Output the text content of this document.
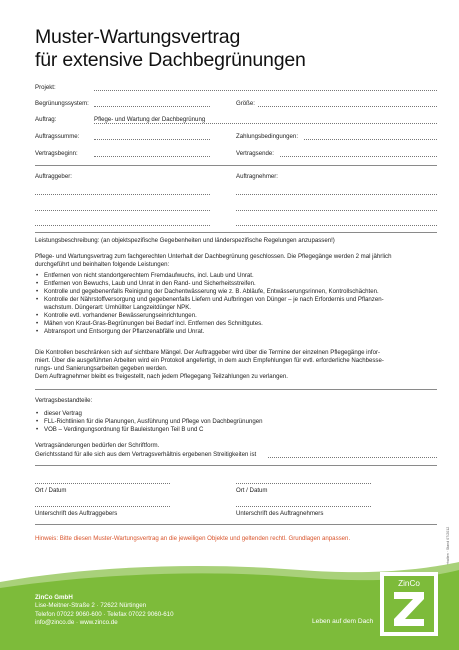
Muster-Wartungsvertrag
für extensive Dachbegrünungen
Projekt:
Begrünungssystem:	Größe:
Auftrag:	Pflege- und Wartung der Dachbegrünung
Auftragssumme:	Zahlungsbedingungen:
Vertragsbeginn:	Vertragsende:
Auftraggeber:	Auftragnehmer:
Leistungsbeschreibung: (an objektspezifische Gegebenheiten und länderspezifische Regelungen anzupassen!)
Pflege- und Wartungsvertrag zum fachgerechten Unterhalt der Dachbegrünung geschlossen. Die Pflegegänge werden 2 mal jährlich
durchgeführt und beinhalten folgende Leistungen:
• Entfernen von nicht standortgerechtem Fremdaufwuchs, incl. Laub und Unrat.
• Entfernen von Bewuchs, Laub und Unrat in den Rand- und Sicherheitsstreifen.
• Kontrolle und gegebenenfalls Reinigung der Dachentwässerung wie z. B. Abläufe, Entwässerungsrinnen, Kontrollschächten.
• Kontrolle der Nährstoffversorgung und gegebenenfalls Liefern und Aufbringen von Dünger – je nach Erfordernis und Pflanzen-
wachstum. Düngerart: Umhüllter Langzeitdünger NPK.
• Kontrolle evtl. vorhandener Bewässerungseinrichtungen.
• Mähen von Kraut-Gras-Begrünungen bei Bedarf incl. Entfernen des Schnittgutes.
• Abtransport und Entsorgung der Pflanzenabfälle und Unrat.
Die Kontrollen beschränken sich auf sichtbare Mängel. Der Auftraggeber wird über die Termine der einzelnen Pflegegänge infor-
miert. Über die ausgeführten Arbeiten wird ein Protokoll angefertigt, in dem auch Empfehlungen für evtl. erforderliche Nachbesse-
rungs- und Sanierungsarbeiten gegeben werden.
Dem Auftragnehmer bleibt es freigestellt, nach jedem Pflegegang Teilzahlungen zu verlangen.
Vertragsbestandteile:
• dieser Vertrag
• FLL-Richtlinien für die Planungen, Ausführung und Pflege von Dachbegrünungen
• VOB – Verdingungsordnung für Bauleistungen Teil B und C
Vertragsänderungen bedürfen der Schriftform.
Gerichtsstand für alle sich aus dem Vertragsverhältnis ergebenen Streitigkeiten ist
Ort / Datum	Ort / Datum
Unterschrift des Auftraggebers	Unterschrift des Auftragnehmers
Hinweis: Bitte diesen Muster-Wartungsvertrag an die jeweiligen Objekte und geltenden rechtl. Grundlagen anpassen.
ZinCo GmbH
Lise-Meitner-Straße 2 · 72622 Nürtingen
Telefon 07022 9060-600 · Telefax 07022 9060-610
info@zinco.de · www.zinco.de	Leben auf dem Dach
ZinCo
